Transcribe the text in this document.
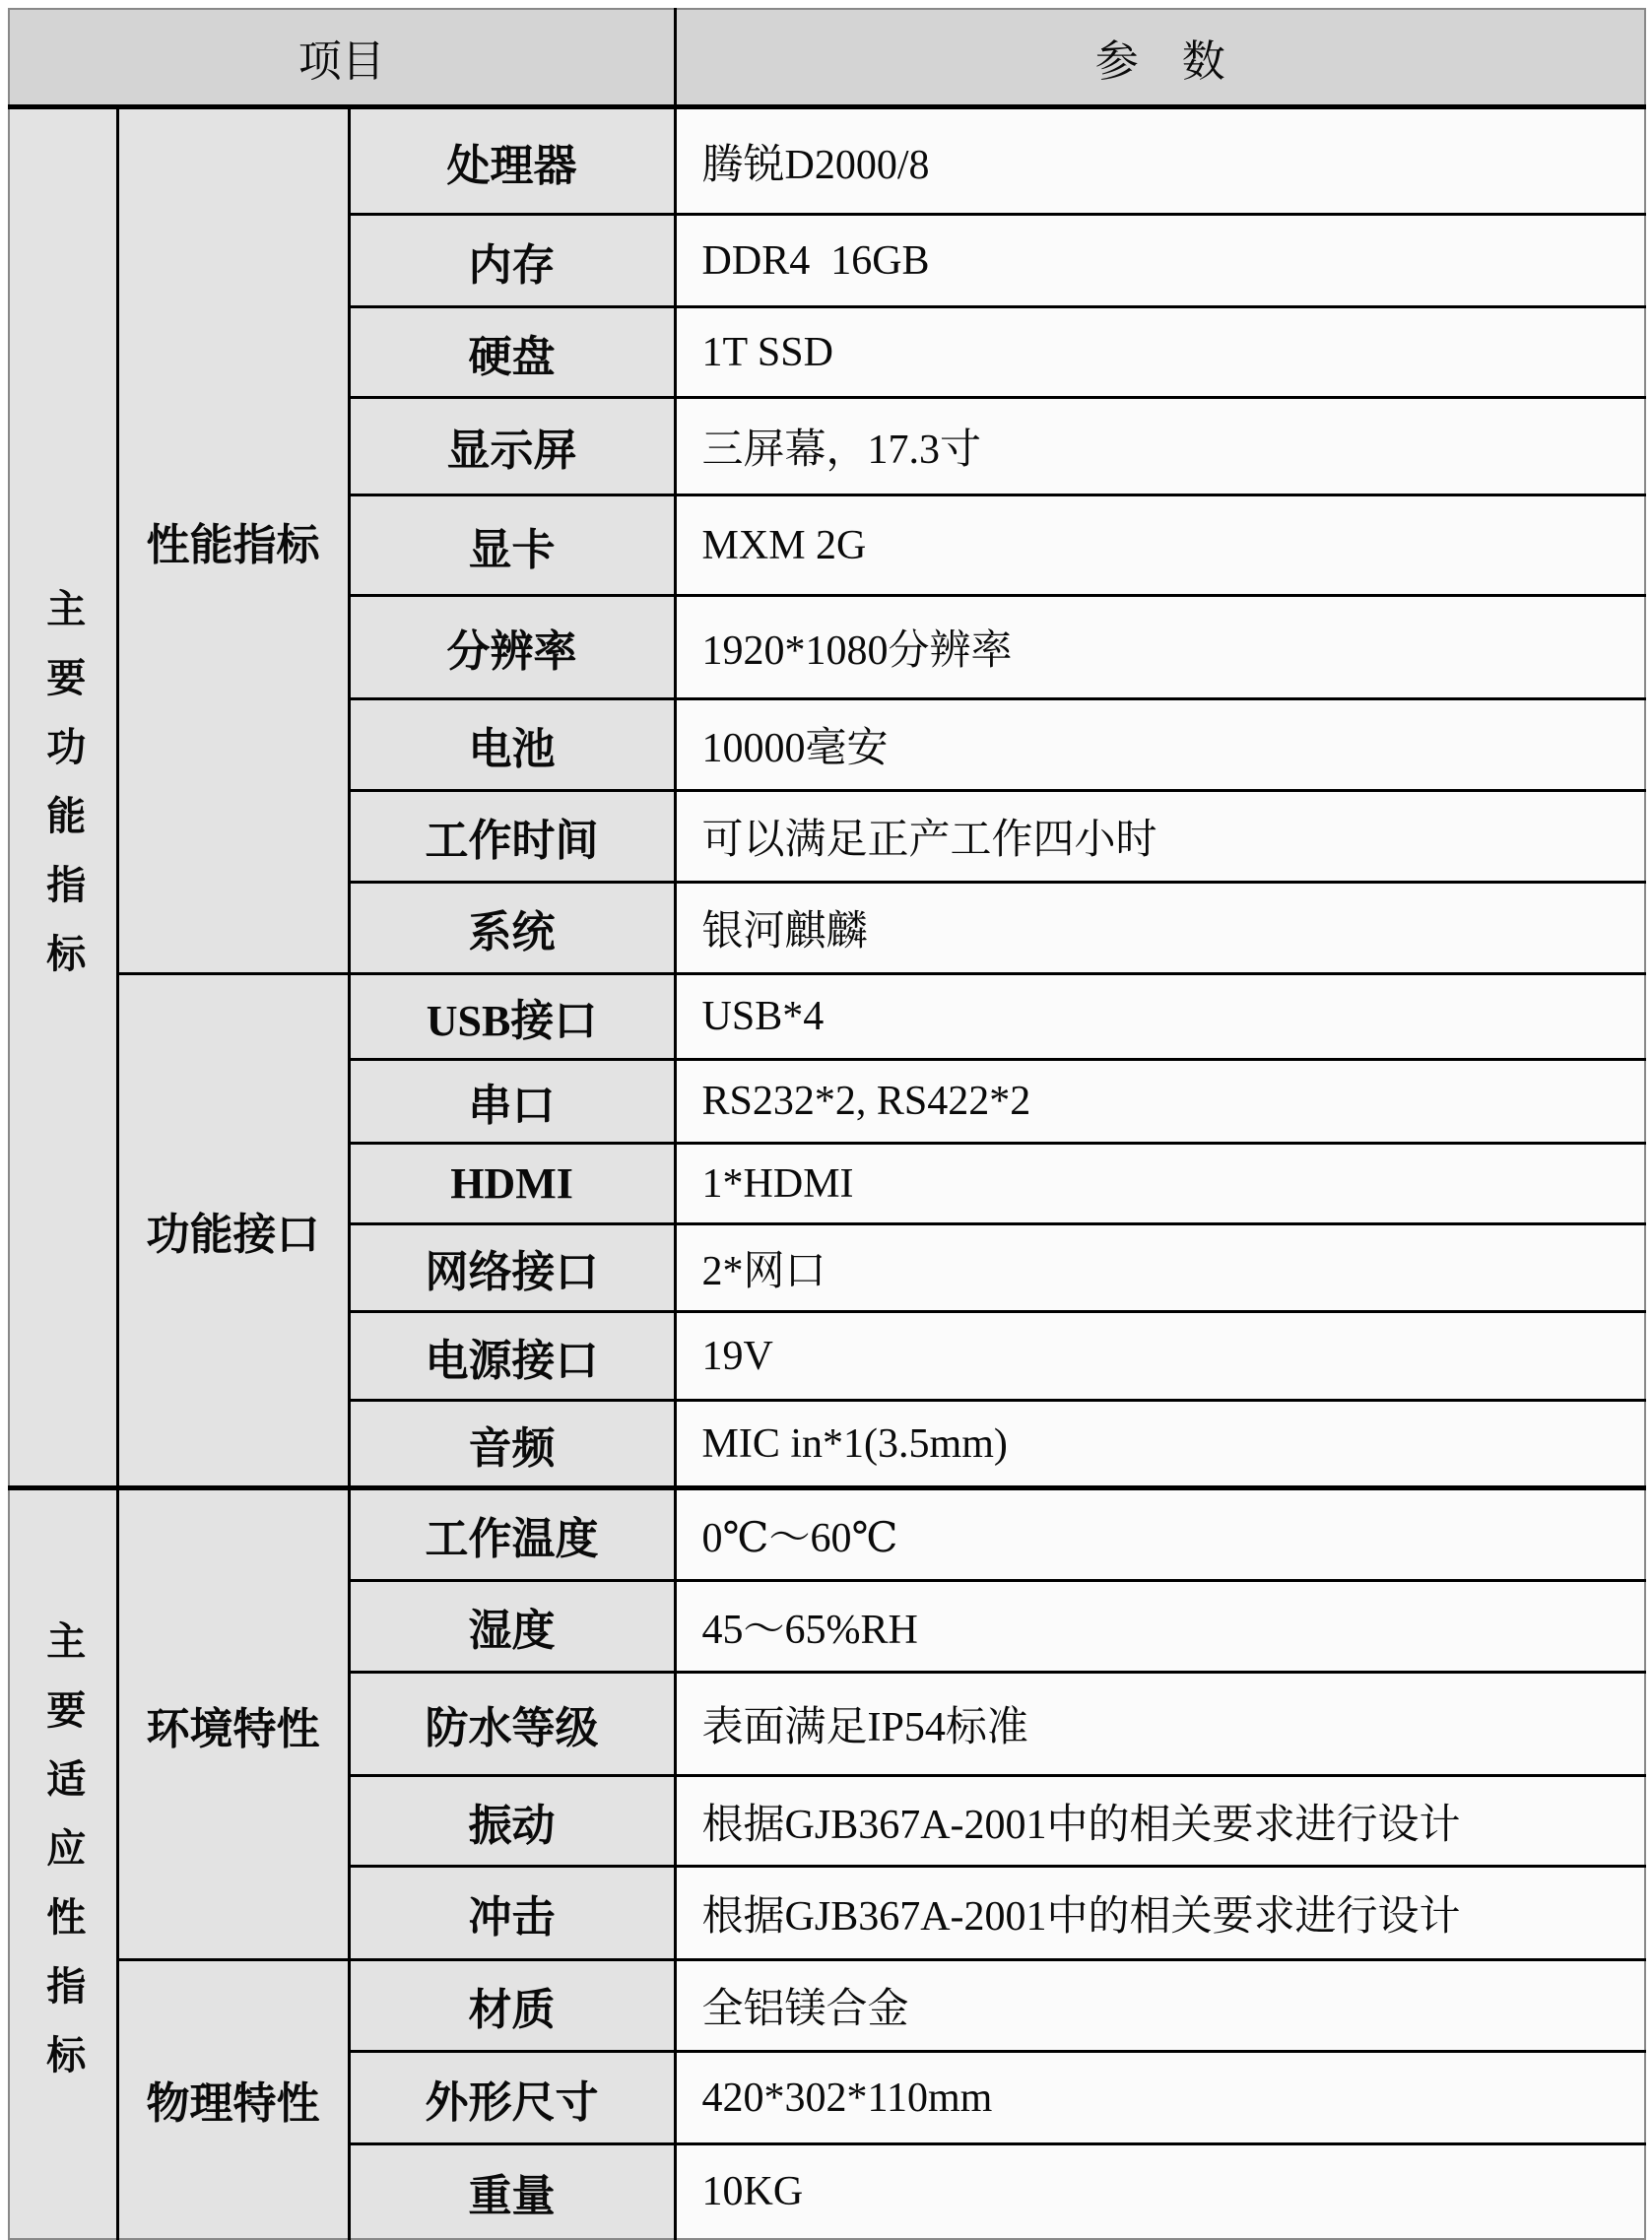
项目			参　数
主要功能指标	性能指标	处理器	腾锐D2000/8
		内存	DDR4  16GB
		硬盘	1T SSD
		显示屏	三屏幕，17.3寸
		显卡	MXM 2G
		分辨率	1920*1080分辨率
		电池	10000毫安
		工作时间	可以满足正产工作四小时
		系统	银河麒麟
	功能接口	USB接口	USB*4
		串口	RS232*2, RS422*2
		HDMI	1*HDMI
		网络接口	2*网口
		电源接口	19V
		音频	MIC in*1(3.5mm)
主要适应性指标	环境特性	工作温度	0℃～60℃
		湿度	45～65%RH
		防水等级	表面满足IP54标准
		振动	根据GJB367A-2001中的相关要求进行设计
		冲击	根据GJB367A-2001中的相关要求进行设计
	物理特性	材质	全铝镁合金
		外形尺寸	420*302*110mm
		重量	10KG
